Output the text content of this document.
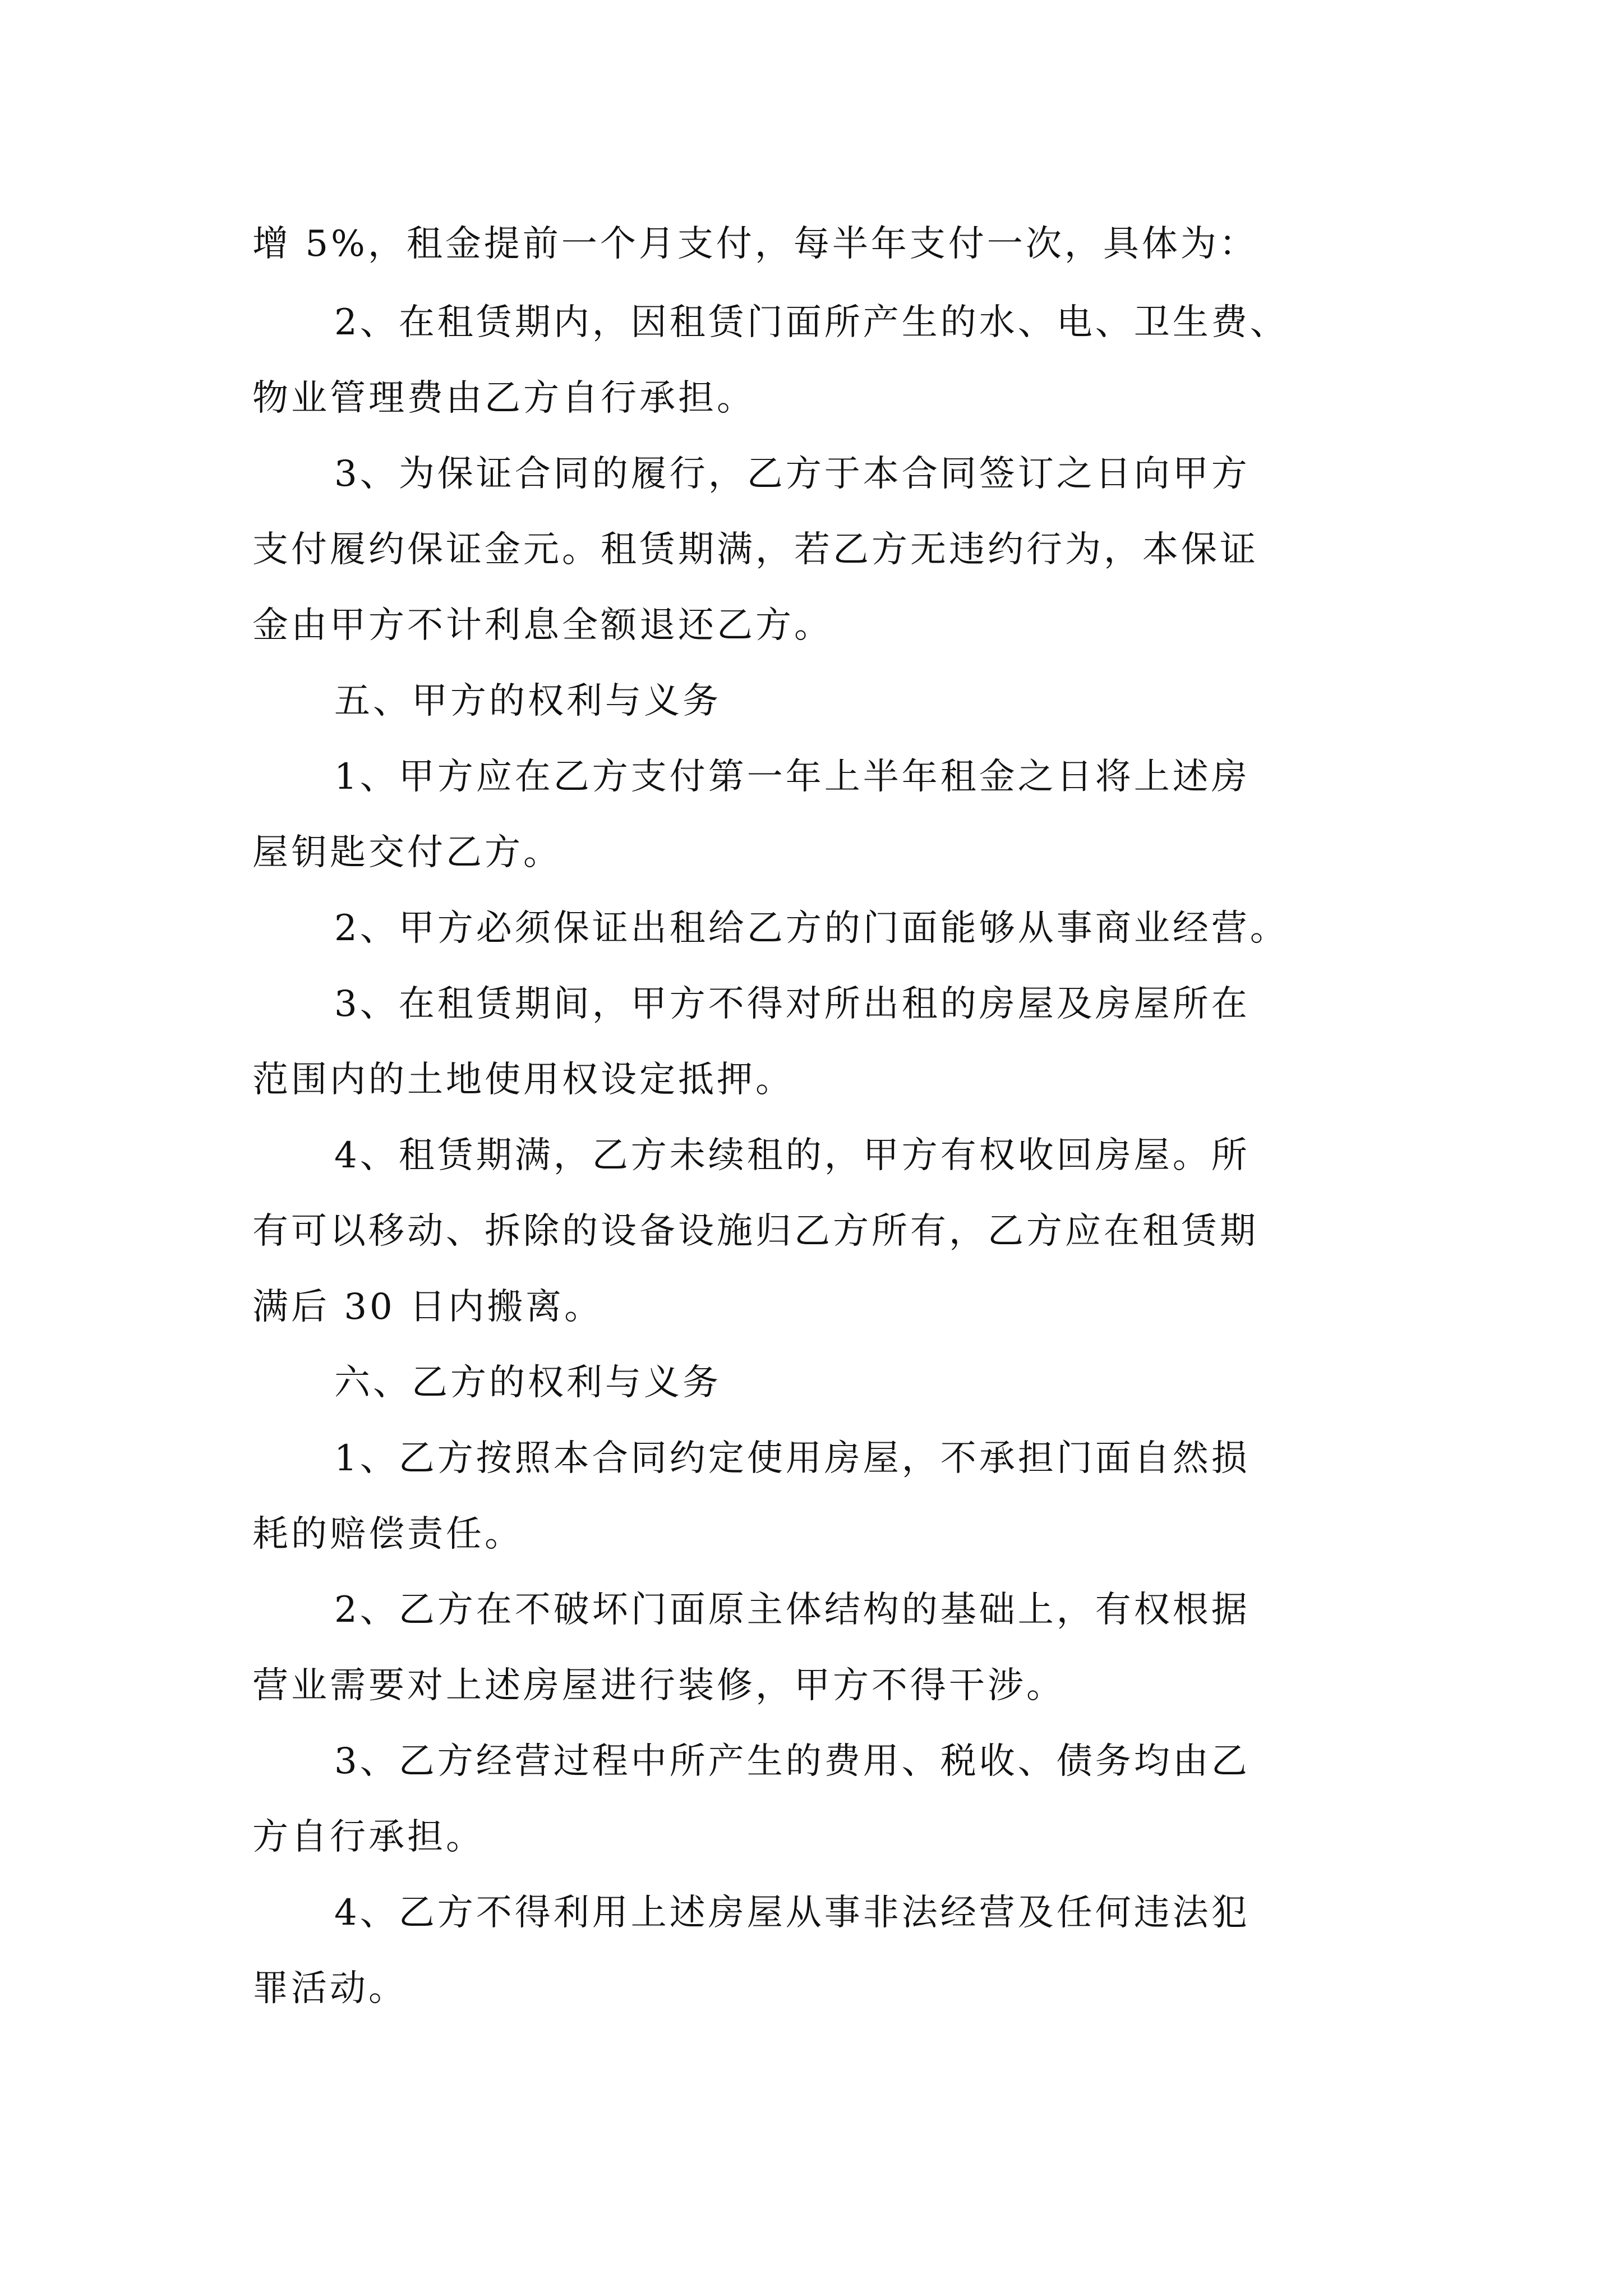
增 5%，租金提前一个月支付，每半年支付一次，具体为：

2、在租赁期内，因租赁门面所产生的水、电、卫生费、

物业管理费由乙方自行承担。

3、为保证合同的履行，乙方于本合同签订之日向甲方

支付履约保证金元。租赁期满，若乙方无违约行为，本保证

金由甲方不计利息全额退还乙方。

五、甲方的权利与义务

1、甲方应在乙方支付第一年上半年租金之日将上述房

屋钥匙交付乙方。

2、甲方必须保证出租给乙方的门面能够从事商业经营。

3、在租赁期间，甲方不得对所出租的房屋及房屋所在

范围内的土地使用权设定抵押。

4、租赁期满，乙方未续租的，甲方有权收回房屋。所

有可以移动、拆除的设备设施归乙方所有，乙方应在租赁期

满后 30 日内搬离。

六、乙方的权利与义务

1、乙方按照本合同约定使用房屋，不承担门面自然损

耗的赔偿责任。

2、乙方在不破坏门面原主体结构的基础上，有权根据

营业需要对上述房屋进行装修，甲方不得干涉。

3、乙方经营过程中所产生的费用、税收、债务均由乙

方自行承担。

4、乙方不得利用上述房屋从事非法经营及任何违法犯

罪活动。
